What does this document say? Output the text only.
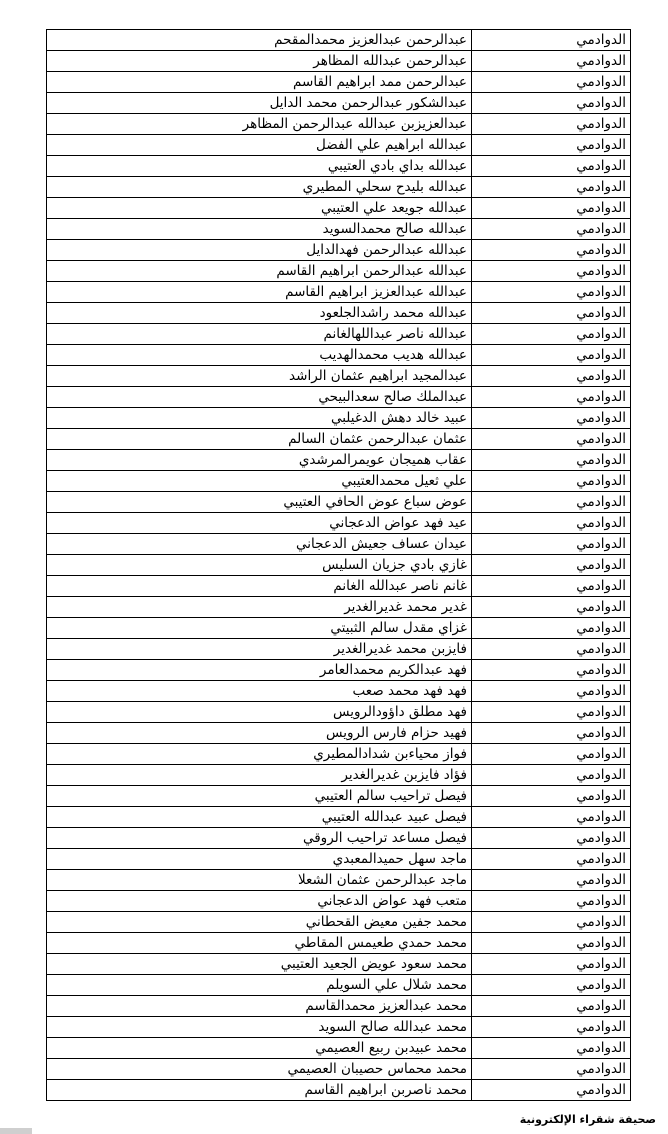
الدوادمي	عبدالرحمن عبدالعزيز محمدالمقحم
الدوادمي	عبدالرحمن عبدالله المظاهر
الدوادمي	عبدالرحمن ممد ابراهيم القاسم
الدوادمي	عبدالشكور عبدالرحمن محمد الدايل
الدوادمي	عبدالعزيزبن عبدالله عبدالرحمن المظاهر
الدوادمي	عبدالله ابراهيم علي الفضل
الدوادمي	عبدالله بداي بادي العتيبي
الدوادمي	عبدالله بليدح سحلي المطيري
الدوادمي	عبدالله جويعد علي العتيبي
الدوادمي	عبدالله صالح محمدالسويد
الدوادمي	عبدالله عبدالرحمن فهدالدايل
الدوادمي	عبدالله عبدالرحمن ابراهيم القاسم
الدوادمي	عبدالله عبدالعزيز ابراهيم القاسم
الدوادمي	عبدالله محمد راشدالجلعود
الدوادمي	عبدالله ناصر عبداللهالغانم
الدوادمي	عبدالله هديب محمدالهديب
الدوادمي	عبدالمجيد ابراهيم عثمان الراشد
الدوادمي	عبدالملك صالح سعدالبيحي
الدوادمي	عبيد خالد دهش الدغيلبي
الدوادمي	عثمان عبدالرحمن عثمان السالم
الدوادمي	عقاب هميجان عويمرالمرشدي
الدوادمي	علي ثعيل محمدالعتيبي
الدوادمي	عوض سباع عوض الحافي العتيبي
الدوادمي	عيد فهد عواض الدعجاني
الدوادمي	عيدان عساف جعيش الدعجاني
الدوادمي	غازي بادي جزيان السليس
الدوادمي	غانم ناصر عبدالله الغانم
الدوادمي	غدير محمد غديرالغدير
الدوادمي	غزاي مقدل سالم الثبيتي
الدوادمي	فايزبن محمد غديرالغدير
الدوادمي	فهد عبدالكريم محمدالعامر
الدوادمي	فهد فهد محمد صعب
الدوادمي	فهد مطلق داؤودالرويس
الدوادمي	فهيد حزام فارس الرويس
الدوادمي	فواز محياءبن شدادالمطيري
الدوادمي	فؤاد فايزبن غديرالغدير
الدوادمي	فيصل تراحيب سالم العتيبي
الدوادمي	فيصل عبيد عبدالله العتيبي
الدوادمي	فيصل مساعد تراحيب الروقي
الدوادمي	ماجد سهل حميدالمعبدي
الدوادمي	ماجد عبدالرحمن عثمان الشعلا
الدوادمي	متعب فهد عواض الدعجاني
الدوادمي	محمد جفين معيض القحطاني
الدوادمي	محمد حمدي طعيمس المقاطي
الدوادمي	محمد سعود عويض الجعيد العتيبي
الدوادمي	محمد شلال علي السويلم
الدوادمي	محمد عبدالعزيز محمدالقاسم
الدوادمي	محمد عبدالله صالح السويد
الدوادمي	محمد عبيدبن ربيع العصيمي
الدوادمي	محمد محماس حصيبان العصيمي
الدوادمي	محمد ناصربن ابراهيم القاسم
صحيفة شقراء الإلكترونية
